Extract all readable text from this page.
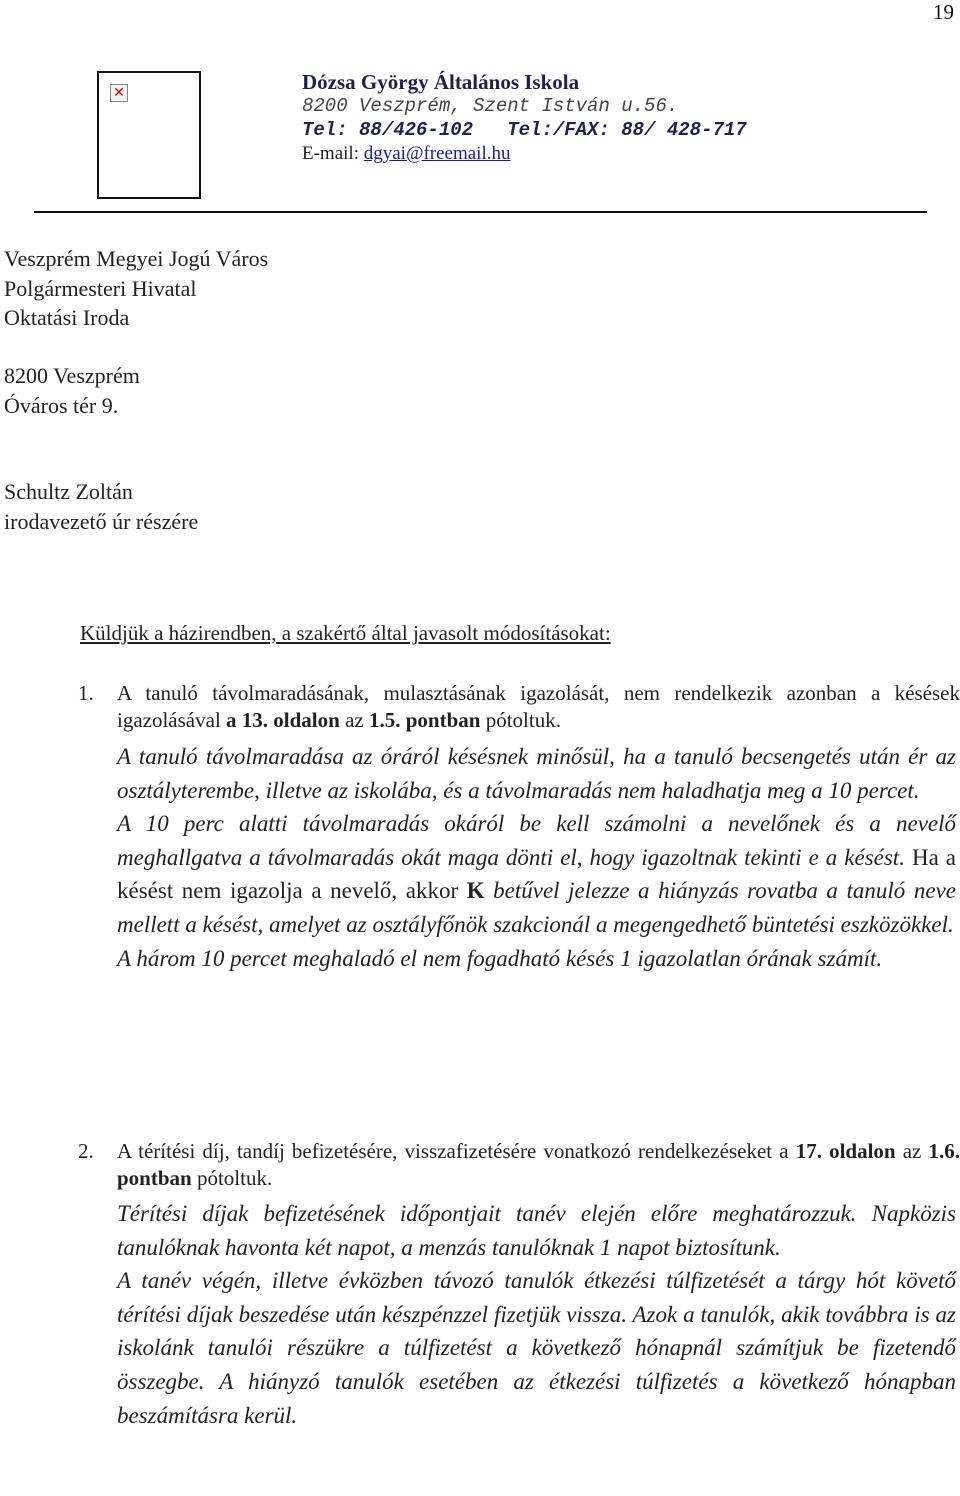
19
✕	Dózsa György Általános Iskola
8200 Veszprém, Szent István u.56.
Tel: 88/426-102   Tel:/FAX: 88/ 428-717
E-mail: dgyai@freemail.hu
Veszprém Megyei Jogú Város
Polgármesteri Hivatal
Oktatási Iroda
8200 Veszprém
Óváros tér 9.
Schultz Zoltán
irodavezető úr részére
Küldjük a házirendben, a szakértő által javasolt módosításokat:
1. A tanuló távolmaradásának, mulasztásának igazolását, nem rendelkezik azonban a késések igazolásával a 13. oldalon az 1.5. pontban pótoltuk.

A tanuló távolmaradása az óráról késésnek minősül, ha a tanuló becsengetés után ér az osztályterembe, illetve az iskolába, és a távolmaradás nem haladhatja meg a 10 percet.

A 10 perc alatti távolmaradás okáról be kell számolni a nevelőnek és a nevelő meghallgatva a távolmaradás okát maga dönti el, hogy igazoltnak tekinti e a késést. Ha a késést nem igazolja a nevelő, akkor K betűvel jelezze a hiányzás rovatba a tanuló neve mellett a késést, amelyet az osztályfőnök szakcionál a megengedhető büntetési eszközökkel.

A három 10 percet meghaladó el nem fogadható késés 1 igazolatlan órának számít.

2. A térítési díj, tandíj befizetésére, visszafizetésére vonatkozó rendelkezéseket a 17. oldalon az 1.6. pontban pótoltuk.

Térítési díjak befizetésének időpontjait tanév elején előre meghatározzuk. Napközis tanulóknak havonta két napot, a menzás tanulóknak 1 napot biztosítunk.

A tanév végén, illetve évközben távozó tanulók étkezési túlfizetését a tárgy hót követő térítési díjak beszedése után készpénzzel fizetjük vissza. Azok a tanulók, akik továbbra is az iskolánk tanulói részükre a túlfizetést a következő hónapnál számítjuk be fizetendő összegbe. A hiányzó tanulók esetében az étkezési túlfizetés a következő hónapban beszámításra kerül.
